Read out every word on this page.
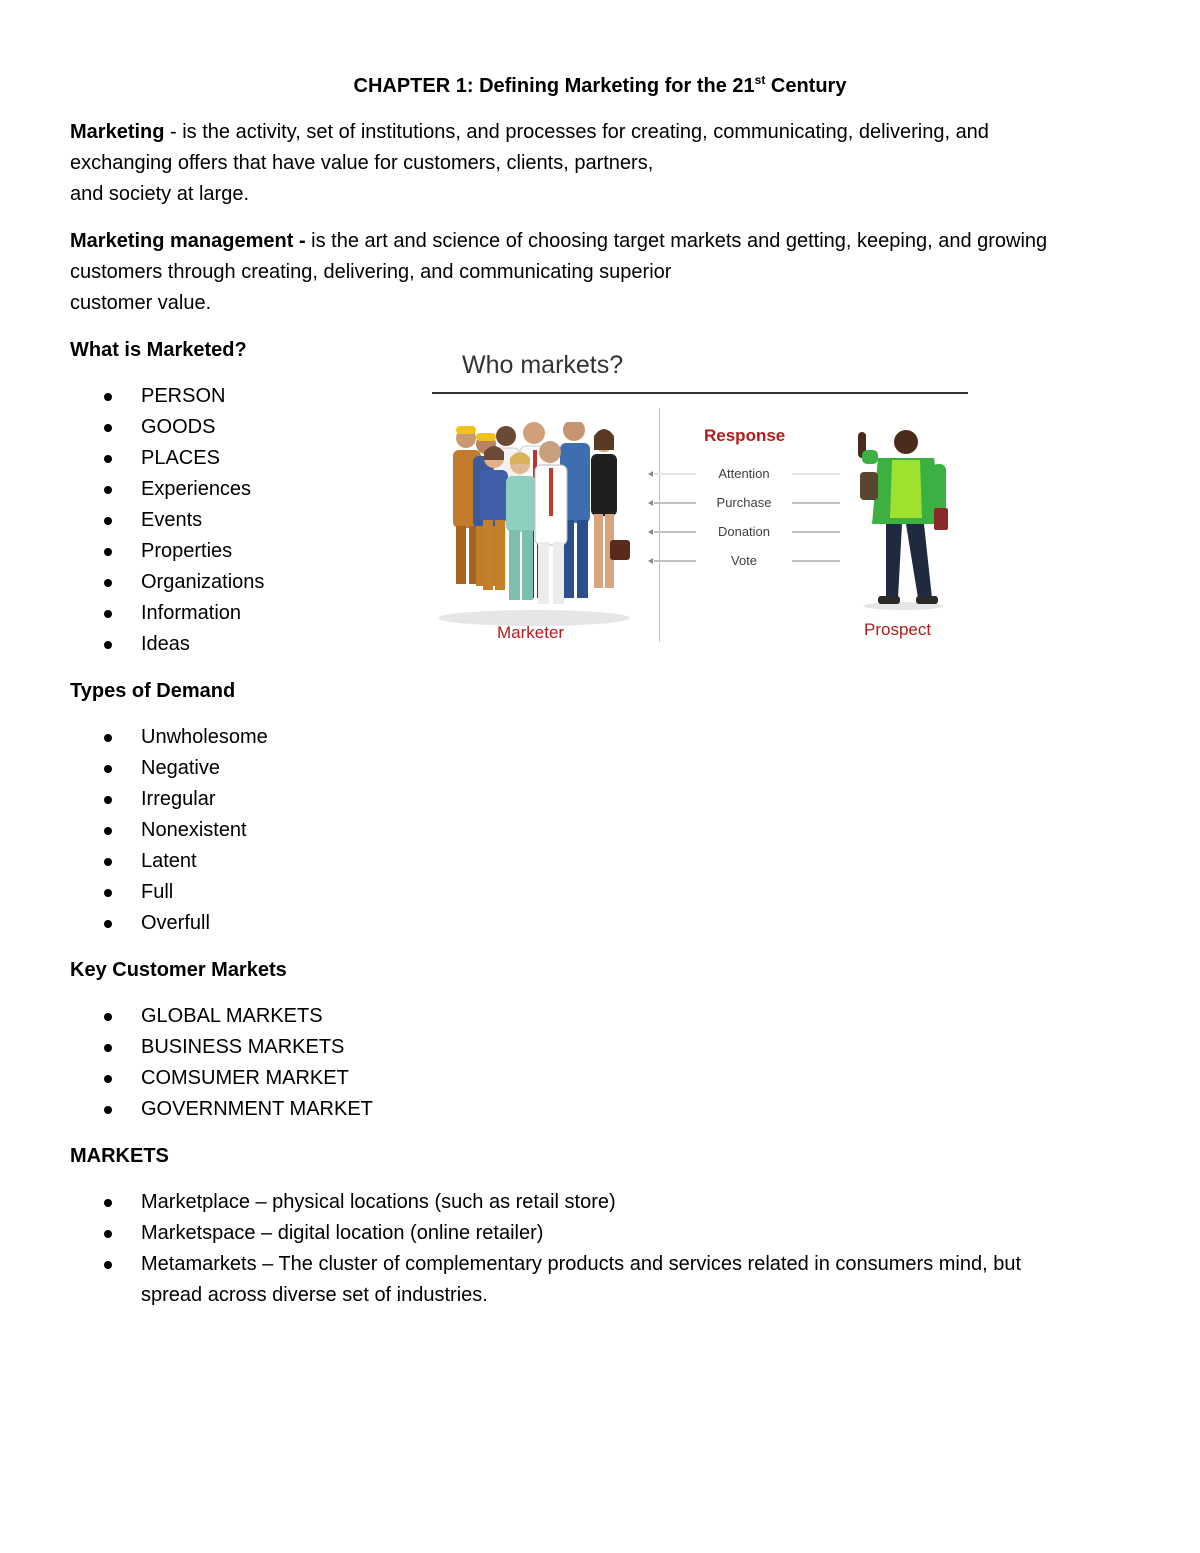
CHAPTER 1: Defining Marketing for the 21st Century

Marketing - is the activity, set of institutions, and processes for creating, communicating, delivering, and
exchanging offers that have value for customers, clients, partners,
and society at large.

Marketing management - is the art and science of choosing target markets and getting, keeping, and growing
customers through creating, delivering, and communicating superior
customer value.

What is Marketed?

PERSON
GOODS
PLACES
Experiences
Events
Properties
Organizations
Information
Ideas

Types of Demand

Unwholesome
Negative
Irregular
Nonexistent
Latent
Full
Overfull

Key Customer Markets

GLOBAL MARKETS
BUSINESS MARKETS
COMSUMER MARKET
GOVERNMENT MARKET

MARKETS

Marketplace – physical locations (such as retail store)
Marketspace – digital location (online retailer)
Metamarkets – The cluster of complementary products and services related in consumers mind, but
spread across diverse set of industries.
Who markets?
Response
Attention
Purchase
Donation
Vote
Marketer	Prospect
